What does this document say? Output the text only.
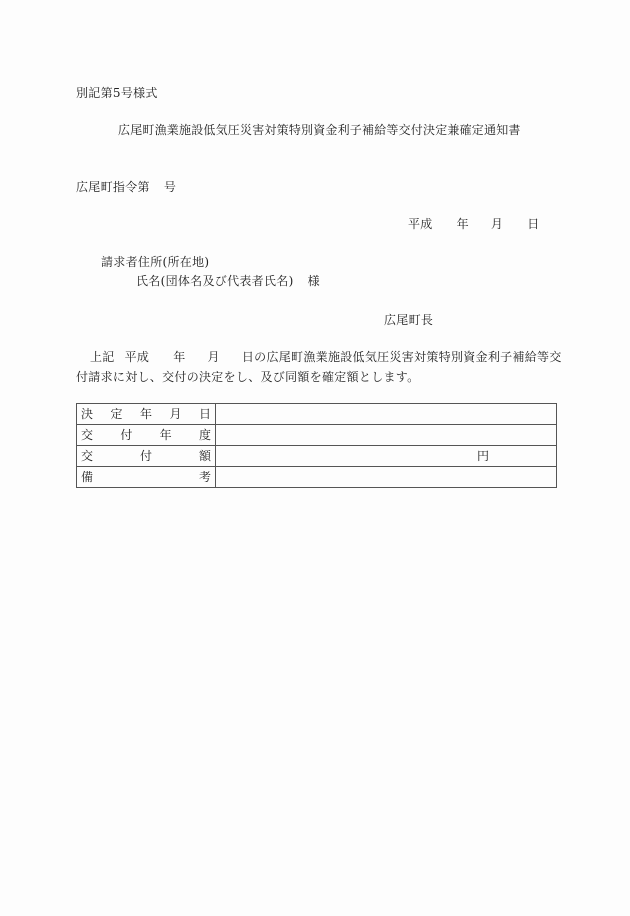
別記第5号様式
広尾町漁業施設低気圧災害対策特別資金利子補給等交付決定兼確定通知書
広尾町指令第 号
平成 年 月 日
請求者住所(所在地)
氏名(団体名及び代表者氏名) 様
広尾町長
上記 平成 年 月 日の広尾町漁業施設低気圧災害対策特別資金利子補給等交
付請求に対し、交付の決定をし、及び同額を確定額とします。
決 定 年 月 日	

交 付 年 度	

交 付 額	円

備 考	
